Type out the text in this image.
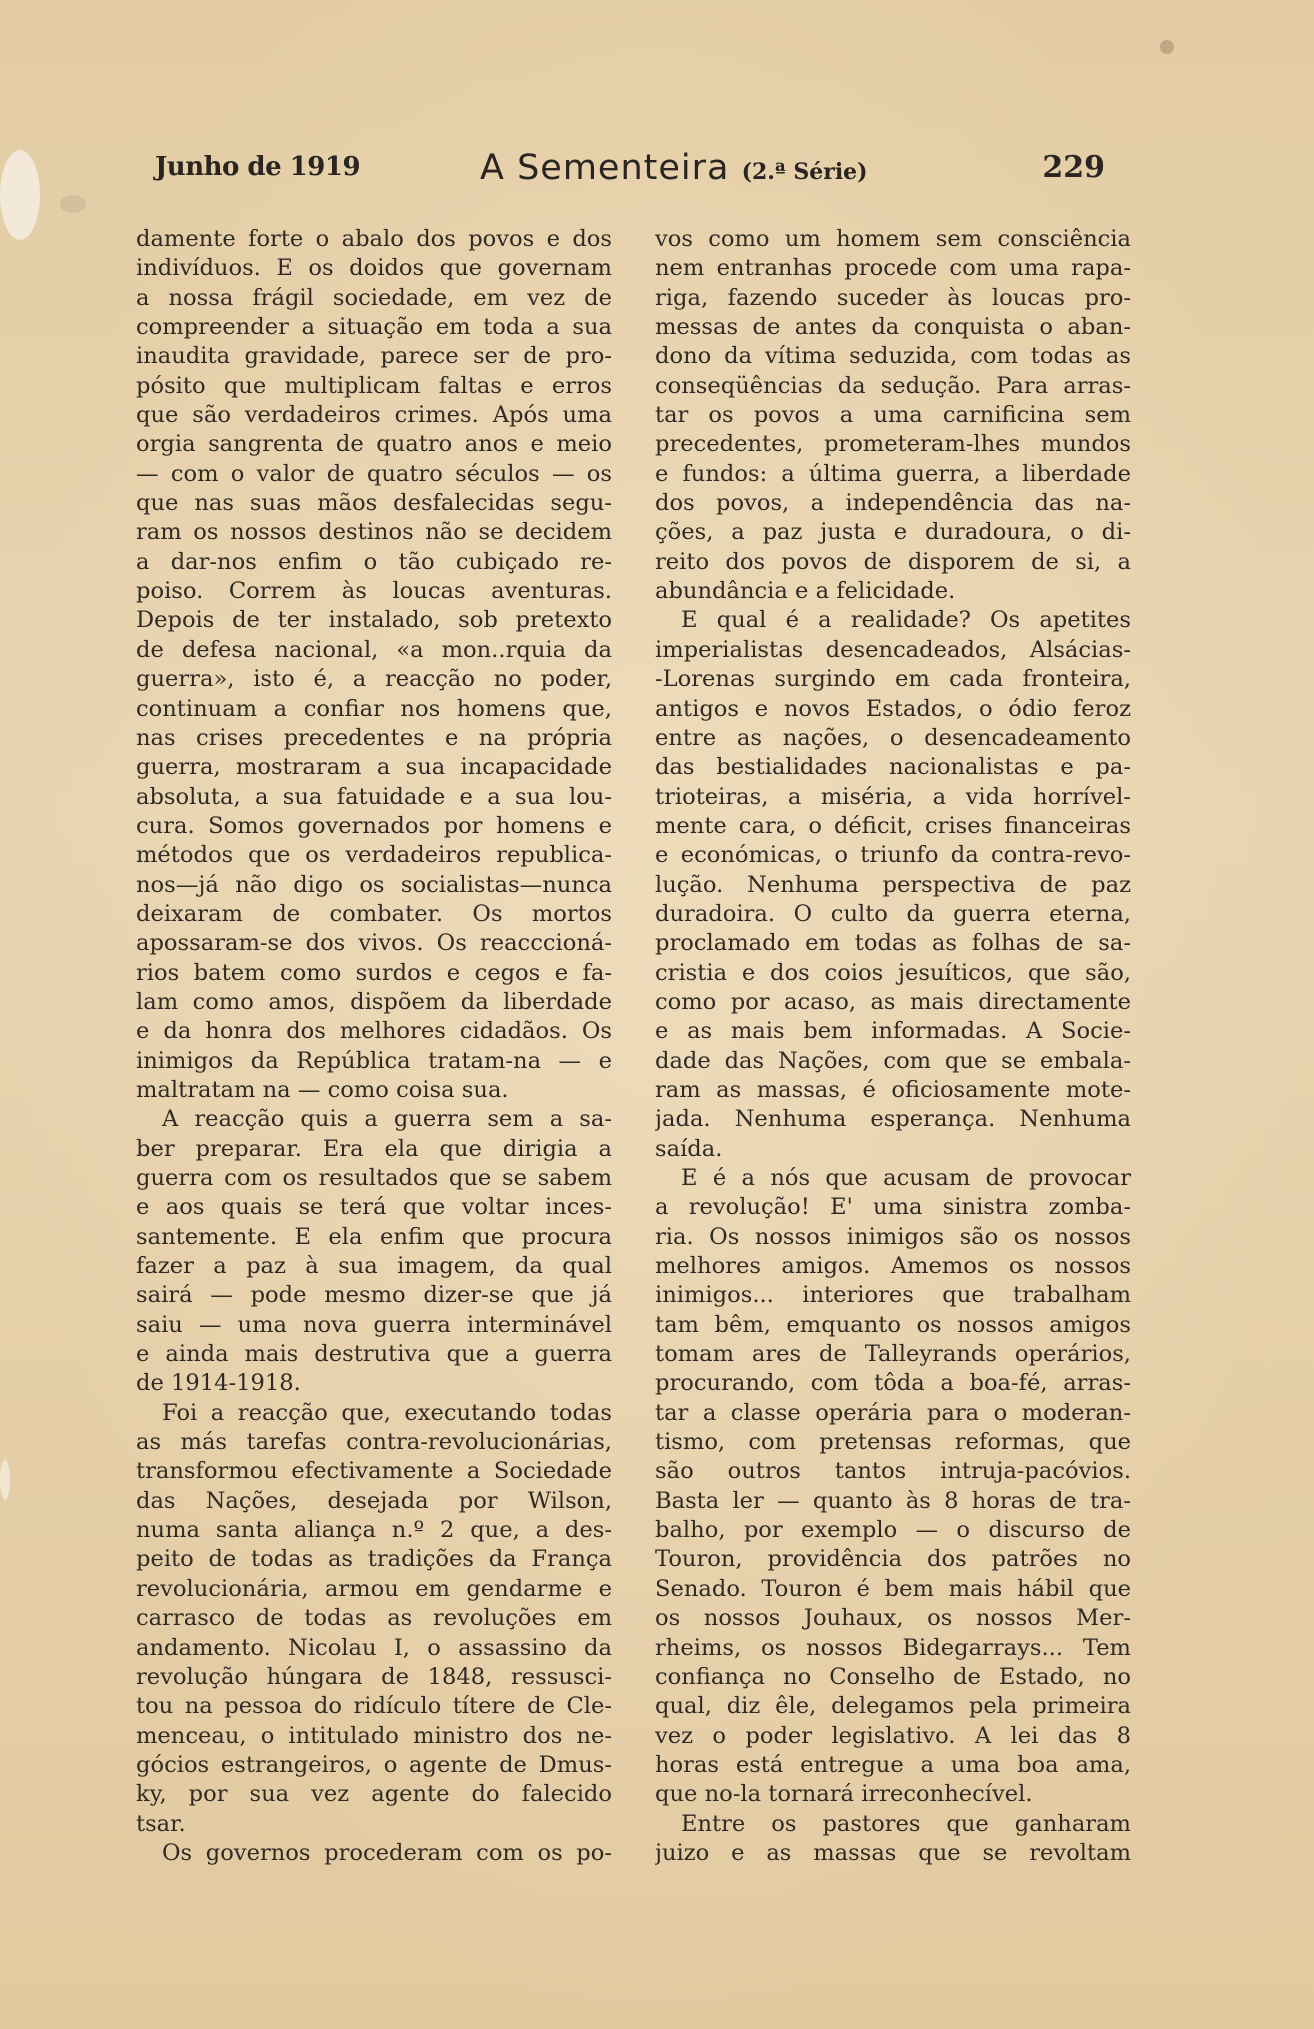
Junho de 1919	A Sementeira (2.ª Série)	229
damente forte o abalo dos povos e dos
indivíduos. E os doidos que governam
a nossa frágil sociedade, em vez de
compreender a situação em toda a sua
inaudita gravidade, parece ser de pro-
pósito que multiplicam faltas e erros
que são verdadeiros crimes. Após uma
orgia sangrenta de quatro anos e meio
— com o valor de quatro séculos — os
que nas suas mãos desfalecidas segu-
ram os nossos destinos não se decidem
a dar-nos enfim o tão cubiçado re-
poiso. Correm às loucas aventuras.
Depois de ter instalado, sob pretexto
de defesa nacional, «a mon..rquia da
guerra», isto é, a reacção no poder,
continuam a confiar nos homens que,
nas crises precedentes e na própria
guerra, mostraram a sua incapacidade
absoluta, a sua fatuidade e a sua lou-
cura. Somos governados por homens e
métodos que os verdadeiros republica-
nos—já não digo os socialistas—nunca
deixaram de combater. Os mortos
apossaram-se dos vivos. Os reacccioná-
rios batem como surdos e cegos e fa-
lam como amos, dispõem da liberdade
e da honra dos melhores cidadãos. Os
inimigos da República tratam-na — e
maltratam na — como coisa sua.
A reacção quis a guerra sem a sa-
ber preparar. Era ela que dirigia a
guerra com os resultados que se sabem
e aos quais se terá que voltar inces-
santemente. E ela enfim que procura
fazer a paz à sua imagem, da qual
sairá — pode mesmo dizer-se que já
saiu — uma nova guerra interminável
e ainda mais destrutiva que a guerra
de 1914-1918.
Foi a reacção que, executando todas
as más tarefas contra-revolucionárias,
transformou efectivamente a Sociedade
das Nações, desejada por Wilson,
numa santa aliança n.º 2 que, a des-
peito de todas as tradições da França
revolucionária, armou em gendarme e
carrasco de todas as revoluções em
andamento. Nicolau I, o assassino da
revolução húngara de 1848, ressusci-
tou na pessoa do ridículo títere de Cle-
menceau, o intitulado ministro dos ne-
gócios estrangeiros, o agente de Dmus-
ky, por sua vez agente do falecido
tsar.
Os governos procederam com os po-
vos como um homem sem consciência
nem entranhas procede com uma rapa-
riga, fazendo suceder às loucas pro-
messas de antes da conquista o aban-
dono da vítima seduzida, com todas as
conseqüências da sedução. Para arras-
tar os povos a uma carnificina sem
precedentes, prometeram-lhes mundos
e fundos: a última guerra, a liberdade
dos povos, a independência das na-
ções, a paz justa e duradoura, o di-
reito dos povos de disporem de si, a
abundância e a felicidade.
E qual é a realidade? Os apetites
imperialistas desencadeados, Alsácias-
-Lorenas surgindo em cada fronteira,
antigos e novos Estados, o ódio feroz
entre as nações, o desencadeamento
das bestialidades nacionalistas e pa-
trioteiras, a miséria, a vida horrível-
mente cara, o déficit, crises financeiras
e económicas, o triunfo da contra-revo-
lução. Nenhuma perspectiva de paz
duradoira. O culto da guerra eterna,
proclamado em todas as folhas de sa-
cristia e dos coios jesuíticos, que são,
como por acaso, as mais directamente
e as mais bem informadas. A Socie-
dade das Nações, com que se embala-
ram as massas, é oficiosamente mote-
jada. Nenhuma esperança. Nenhuma
saída.
E é a nós que acusam de provocar
a revolução! E' uma sinistra zomba-
ria. Os nossos inimigos são os nossos
melhores amigos. Amemos os nossos
inimigos... interiores que trabalham
tam bêm, emquanto os nossos amigos
tomam ares de Talleyrands operários,
procurando, com tôda a boa-fé, arras-
tar a classe operária para o moderan-
tismo, com pretensas reformas, que
são outros tantos intruja-pacóvios.
Basta ler — quanto às 8 horas de tra-
balho, por exemplo — o discurso de
Touron, providência dos patrões no
Senado. Touron é bem mais hábil que
os nossos Jouhaux, os nossos Mer-
rheims, os nossos Bidegarrays... Tem
confiança no Conselho de Estado, no
qual, diz êle, delegamos pela primeira
vez o poder legislativo. A lei das 8
horas está entregue a uma boa ama,
que no-la tornará irreconhecível.
Entre os pastores que ganharam
juizo e as massas que se revoltam
